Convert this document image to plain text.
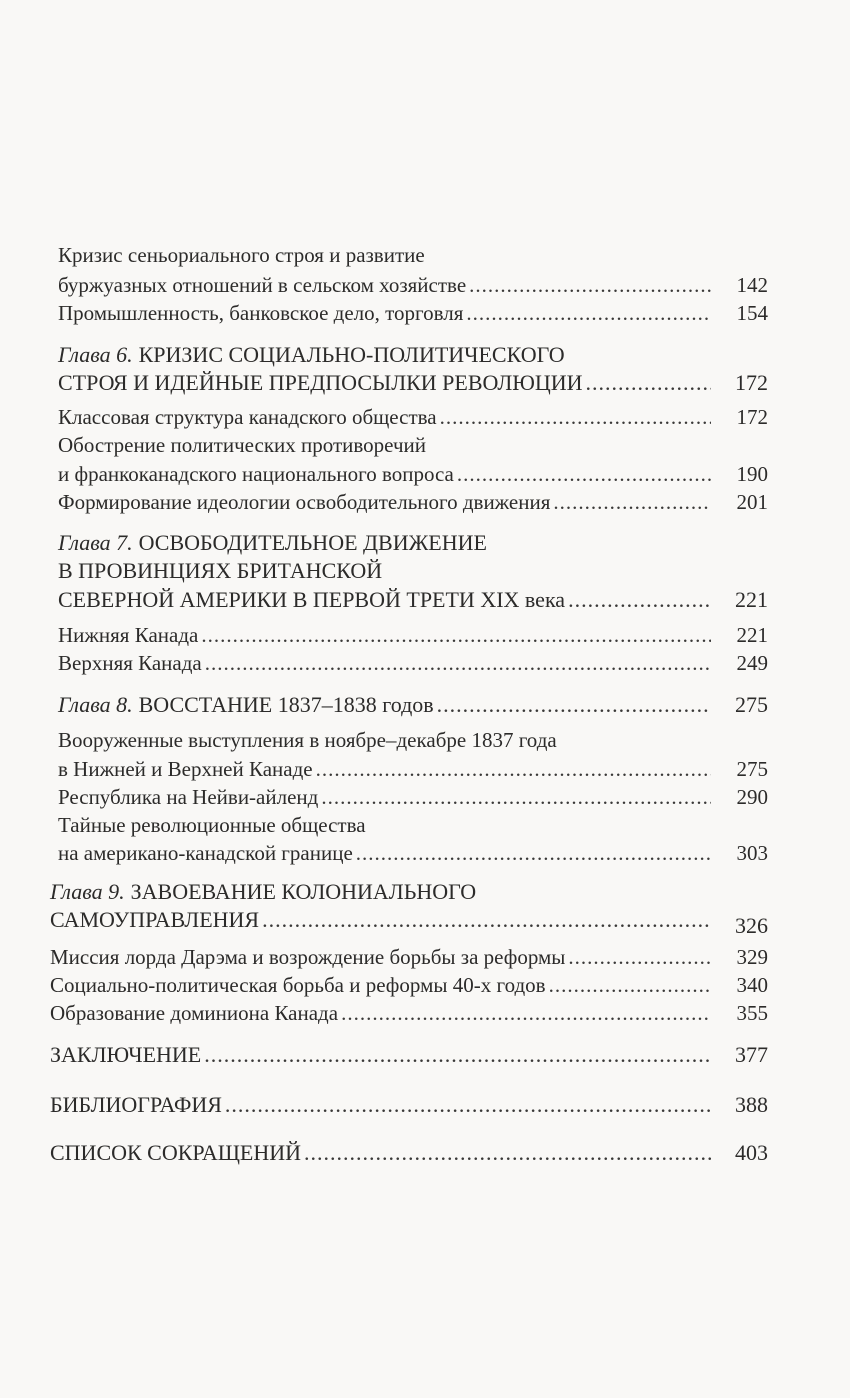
Кризис сеньориального строя и развитие
буржуазных отношений в сельском хозяйстве .....	142
Промышленность, банковское дело, торговля .....	154
Глава 6. КРИЗИС СОЦИАЛЬНО-ПОЛИТИЧЕСКОГО
СТРОЯ И ИДЕЙНЫЕ ПРЕДПОСЫЛКИ РЕВОЛЮЦИИ .....	172
Классовая структура канадского общества .....	172
Обострение политических противоречий
и франкоканадского национального вопроса .....	190
Формирование идеологии освободительного движения .....	201
Глава 7. ОСВОБОДИТЕЛЬНОЕ ДВИЖЕНИЕ
В ПРОВИНЦИЯХ БРИТАНСКОЙ
СЕВЕРНОЙ АМЕРИКИ В ПЕРВОЙ ТРЕТИ XIX века .....	221
Нижняя Канада .....	221
Верхняя Канада .....	249
Глава 8. ВОССТАНИЕ 1837–1838 годов .....	275
Вооруженные выступления в ноябре–декабре 1837 года
в Нижней и Верхней Канаде .....	275
Республика на Нейви-айленд .....	290
Тайные революционные общества
на американо-канадской границе .....	303
Глава 9. ЗАВОЕВАНИЕ КОЛОНИАЛЬНОГО
САМОУПРАВЛЕНИЯ .....	326
Миссия лорда Дарэма и возрождение борьбы за реформы .....	329
Социально-политическая борьба и реформы 40-х годов .....	340
Образование доминиона Канада .....	355
ЗАКЛЮЧЕНИЕ .....	377
БИБЛИОГРАФИЯ .....	388
СПИСОК СОКРАЩЕНИЙ .....	403
